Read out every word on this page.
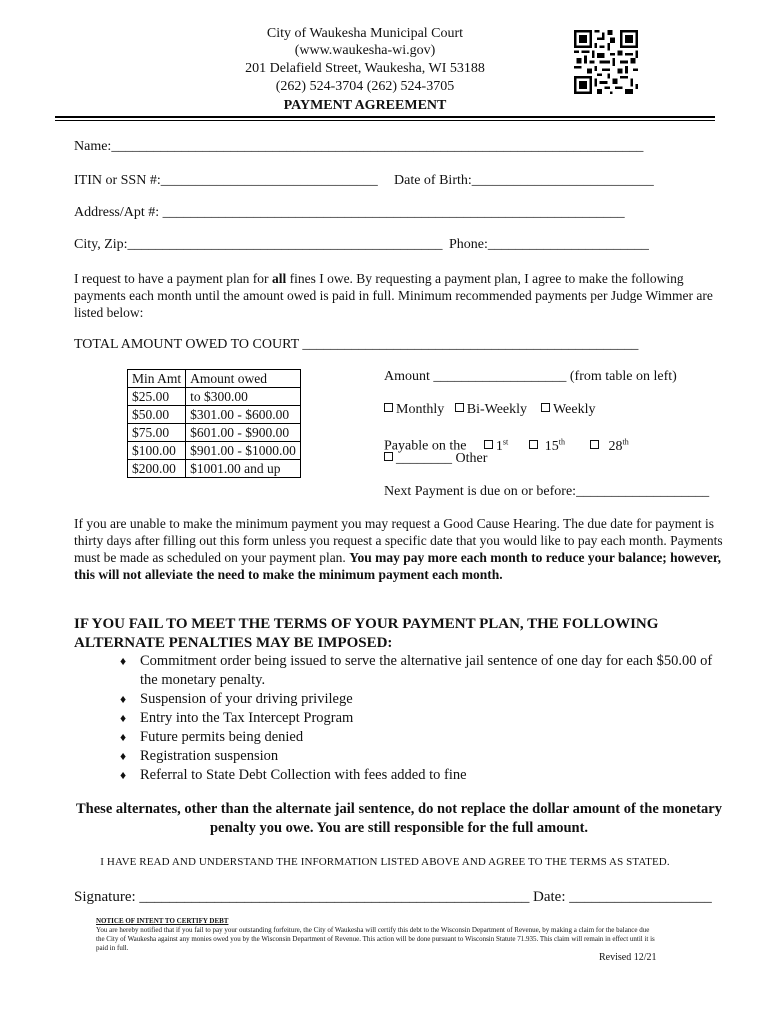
City of Waukesha Municipal Court
(www.waukesha-wi.gov)
201 Delafield Street, Waukesha, WI 53188
(262) 524-3704 (262) 524-3705
PAYMENT AGREEMENT
Name:____________________________________________________________________________
ITIN or SSN #:_______________________________ Date of Birth:__________________________
Address/Apt #: __________________________________________________________________
City, Zip:_____________________________________________ Phone:_______________________
I request to have a payment plan for all fines I owe. By requesting a payment plan, I agree to make the following payments each month until the amount owed is paid in full. Minimum recommended payments per Judge Wimmer are listed below:
TOTAL AMOUNT OWED TO COURT ________________________________________________
Min Amt	Amount owed
$25.00	to $300.00
$50.00	$301.00 - $600.00
$75.00	$601.00 - $900.00
$100.00	$901.00 - $1000.00
$200.00	$1001.00 and up
Amount ___________________ (from table on left)
Monthly Bi-Weekly Weekly
Payable on the 1st	15th	28th
________ Other
Next Payment is due on or before:___________________
If you are unable to make the minimum payment you may request a Good Cause Hearing. The due date for payment is thirty days after filling out this form unless you request a specific date that you would like to pay each month. Payments must be made as scheduled on your payment plan. You may pay more each month to reduce your balance; however, this will not alleviate the need to make the minimum payment each month.
IF YOU FAIL TO MEET THE TERMS OF YOUR PAYMENT PLAN, THE FOLLOWING ALTERNATE PENALTIES MAY BE IMPOSED:
♦ Commitment order being issued to serve the alternative jail sentence of one day for each $50.00 of the monetary penalty.
♦ Suspension of your driving privilege
♦ Entry into the Tax Intercept Program
♦ Future permits being denied
♦ Registration suspension
♦ Referral to State Debt Collection with fees added to fine
These alternates, other than the alternate jail sentence, do not replace the dollar amount of the monetary penalty you owe. You are still responsible for the full amount.
I HAVE READ AND UNDERSTAND THE INFORMATION LISTED ABOVE AND AGREE TO THE TERMS AS STATED.
Signature: ____________________________________________________ Date: ___________________
NOTICE OF INTENT TO CERTIFY DEBT
You are hereby notified that if you fail to pay your outstanding forfeiture, the City of Waukesha will certify this debt to the Wisconsin Department of Revenue, by making a claim for the balance due the City of Waukesha against any monies owed you by the Wisconsin Department of Revenue. This action will be done pursuant to Wisconsin Statute 71.935. This claim will remain in effect until it is paid in full.
Revised 12/21
